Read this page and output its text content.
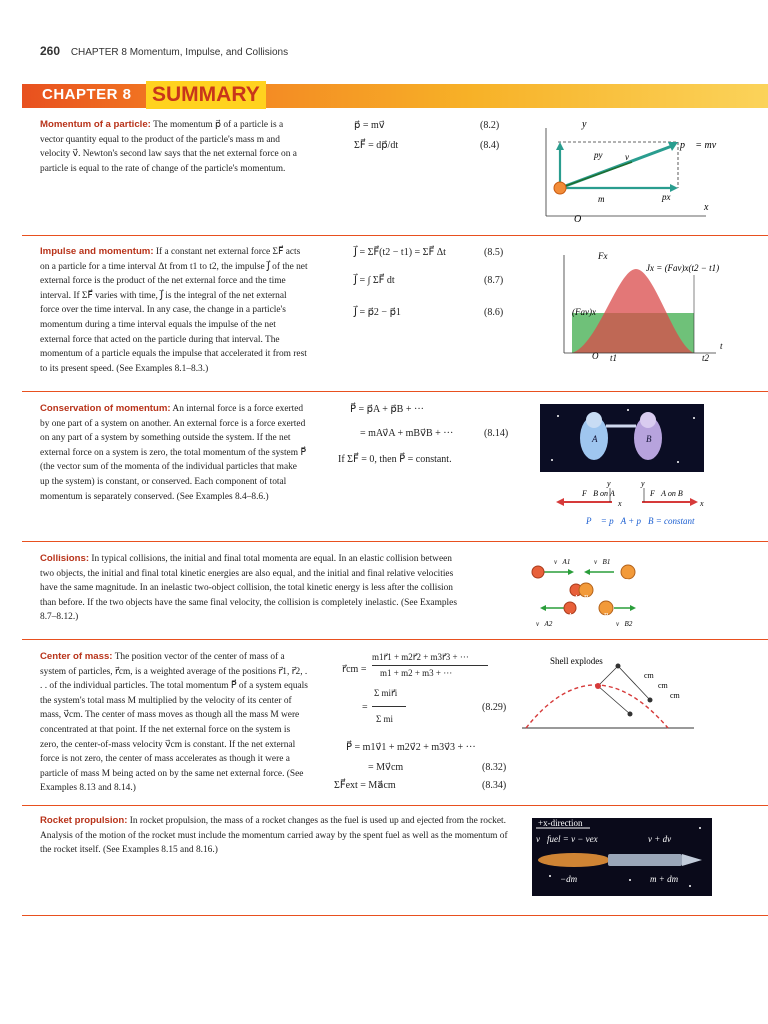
260 CHAPTER 8 Momentum, Impulse, and Collisions
CHAPTER 8 SUMMARY
Momentum of a particle: The momentum p⃗ of a particle is a vector quantity equal to the product of the particle's mass m and velocity v⃗. Newton's second law says that the net external force on a particle is equal to the rate of change of the particle's momentum.
p⃗ = mv⃗	(8.2)
ΣF⃗ = dp⃗/dt	(8.4)
y
x
O
py
px
v⃗
p⃗ = mv⃗
m
Impulse and momentum: If a constant net external force ΣF⃗ acts on a particle for a time interval Δt from t1 to t2, the impulse J⃗ of the net external force is the product of the net external force and the time interval. If ΣF⃗ varies with time, J⃗ is the integral of the net external force over the time interval. In any case, the change in a particle's momentum during a time interval equals the impulse of the net external force that acted on the particle during that interval. The momentum of a particle equals the impulse that accelerated it from rest to its present speed. (See Examples 8.1–8.3.)
J⃗ = ΣF⃗(t2 − t1) = ΣF⃗ Δt	(8.5)
J⃗ = ∫ ΣF⃗ dt	(8.7)
J⃗ = p⃗2 − p⃗1	(8.6)
Fx
Jx = (Fav)x(t2 − t1)
(Fav)x
O t1	t2
t
Conservation of momentum: An internal force is a force exerted by one part of a system on another. An external force is a force exerted on any part of a system by something outside the system. If the net external force on a system is zero, the total momentum of the system P⃗ (the vector sum of the momenta of the individual particles that make up the system) is constant, or conserved. Each component of total momentum is separately conserved. (See Examples 8.4–8.6.)
P⃗ = p⃗A + p⃗B + ···
= mAv⃗A + mBv⃗B + ···	(8.14)
If ΣF⃗ = 0, then P⃗ = constant.
A	B
F⃗B on A	F⃗A on B
y	y
x	x
P⃗ = p⃗A + p⃗B = constant
Collisions: In typical collisions, the initial and final total momenta are equal. In an elastic collision between two objects, the initial and final total kinetic energies are also equal, and the initial and final relative velocities have the same magnitude. In an inelastic two-object collision, the total kinetic energy is less after the collision than before. If the two objects have the same final velocity, the collision is completely inelastic. (See Examples 8.7–8.12.)
A	B
A B
A	B
v⃗A1	v⃗B1
v⃗A2	v⃗B2
Center of mass: The position vector of the center of mass of a system of particles, r⃗cm, is a weighted average of the positions r⃗1, r⃗2, . . . of the individual particles. The total momentum P⃗ of a system equals the system's total mass M multiplied by the velocity of its center of mass, v⃗cm. The center of mass moves as though all the mass M were concentrated at that point. If the net external force on the system is zero, the center-of-mass velocity v⃗cm is constant. If the net external force is not zero, the center of mass accelerates as though it were a particle of mass M being acted on by the same net external force. (See Examples 8.13 and 8.14.)
r⃗cm =
m1r⃗1 + m2r⃗2 + m3r⃗3 + ···
m1 + m2 + m3 + ···
=
Σ mir⃗i
Σ mi
(8.29)
P⃗ = m1v⃗1 + m2v⃗2 + m3v⃗3 + ···
= Mv⃗cm	(8.32)
ΣF⃗ext = Ma⃗cm	(8.34)
Shell explodes
cm
cm
cm
Rocket propulsion: In rocket propulsion, the mass of a rocket changes as the fuel is used up and ejected from the rocket. Analysis of the motion of the rocket must include the momentum carried away by the spent fuel as well as the momentum of the rocket itself. (See Examples 8.15 and 8.16.)
+x-direction
v⃗fuel = v − vex	v + dv
−dm	m + dm
